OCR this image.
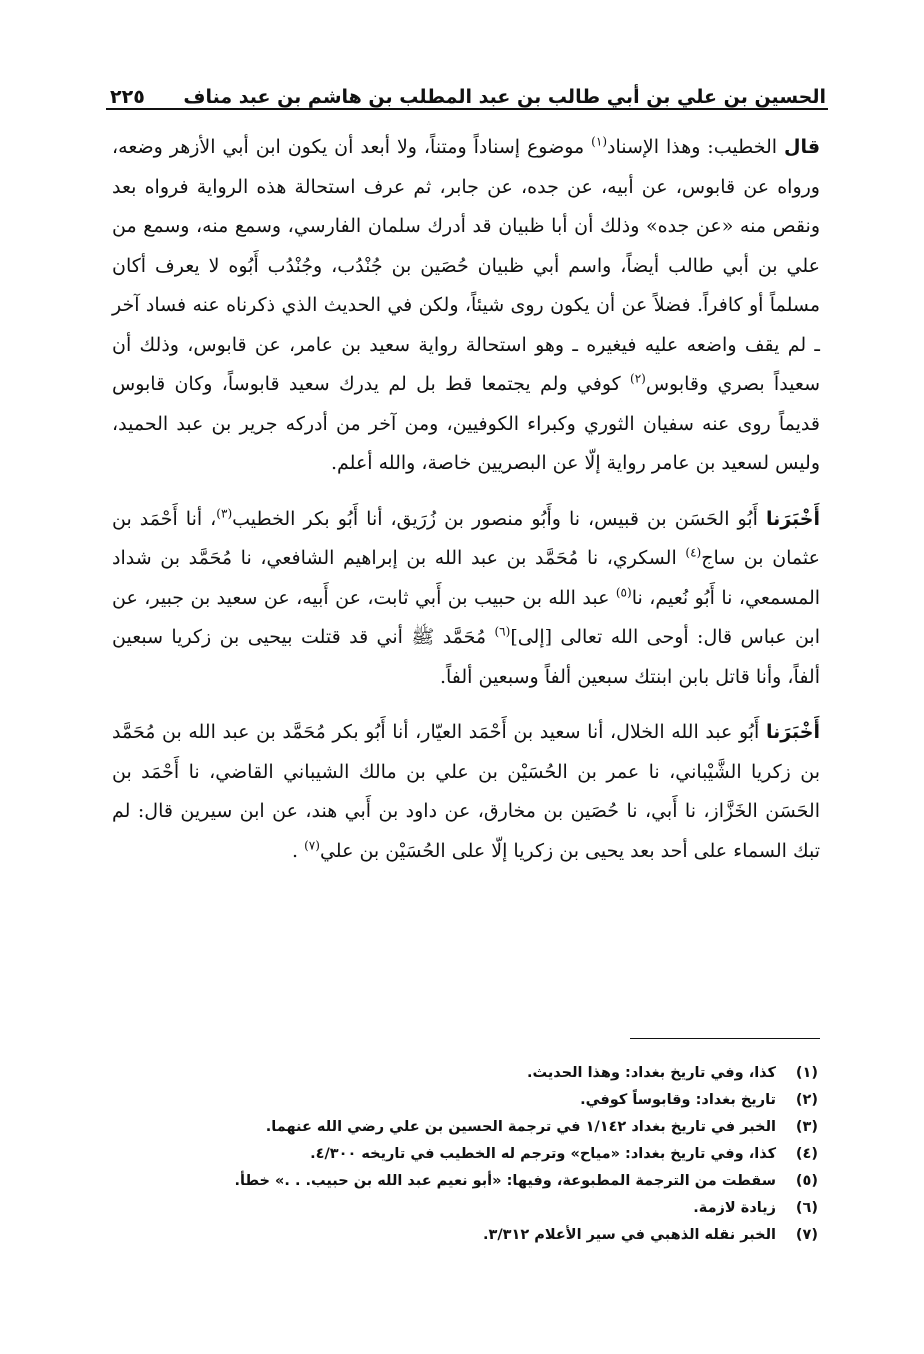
الحسين بن علي بن أبي طالب بن عبد المطلب بن هاشم بن عبد مناف
٢٢٥

قال الخطيب: وهذا الإسناد$^{(١)}$ موضوع إسناداً ومتناً، ولا أبعد أن يكون ابن أبي الأزهر وضعه، ورواه عن قابوس، عن أبيه، عن جده، عن جابر، ثم عرف استحالة هذه الرواية فرواه بعد ونقص منه «عن جده» وذلك أن أبا ظبيان قد أدرك سلمان الفارسي، وسمع منه، وسمع من علي بن أبي طالب أيضاً، واسم أبي ظبيان حُصَين بن جُنْدُب، وجُنْدُب أَبُوه لا يعرف أكان مسلماً أو كافراً. فضلاً عن أن يكون روى شيئاً، ولكن في الحديث الذي ذكرناه عنه فساد آخر ـ لم يقف واضعه عليه فيغيره ـ وهو استحالة رواية سعيد بن عامر، عن قابوس، وذلك أن سعيداً بصري وقابوس$^{(٢)}$ كوفي ولم يجتمعا قط بل لم يدرك سعيد قابوساً، وكان قابوس قديماً روى عنه سفيان الثوري وكبراء الكوفيين، ومن آخر من أدركه جرير بن عبد الحميد، وليس لسعيد بن عامر رواية إلّا عن البصريين خاصة، والله أعلم.

أَخْبَرَنا أَبُو الحَسَن بن قبيس، نا وأَبُو منصور بن زُرَيق، أنا أَبُو بكر الخطيب$^{(٣)}$، أنا أَحْمَد بن عثمان بن ساج$^{(٤)}$ السكري، نا مُحَمَّد بن عبد الله بن إبراهيم الشافعي، نا مُحَمَّد بن شداد المسمعي، نا أَبُو نُعيم، نا$^{(٥)}$ عبد الله بن حبيب بن أَبي ثابت، عن أَبيه، عن سعيد بن جبير، عن ابن عباس قال: أوحى الله تعالى [إلى]$^{(٦)}$ مُحَمَّد ﷺ أني قد قتلت بيحيى بن زكريا سبعين ألفاً، وأنا قاتل بابن ابنتك سبعين ألفاً وسبعين ألفاً.

أَخْبَرَنا أَبُو عبد الله الخلال، أنا سعيد بن أَحْمَد العيّار، أنا أَبُو بكر مُحَمَّد بن عبد الله بن مُحَمَّد بن زكريا الشَّيْباني، نا عمر بن الحُسَيْن بن علي بن مالك الشيباني القاضي، نا أَحْمَد بن الحَسَن الخَزَّاز، نا أَبي، نا حُصَين بن مخارق، عن داود بن أَبي هند، عن ابن سيرين قال: لم تبك السماء على أحد بعد يحيى بن زكريا إلّا على الحُسَيْن بن علي$^{(٧)}$ .

(١)
كذا، وفي تاريخ بغداد: وهذا الحديث.
(٢)
تاريخ بغداد: وقابوساً كوفي.
(٣)
الخبر في تاريخ بغداد ١/١٤٢ في ترجمة الحسين بن علي رضي الله عنهما.
(٤)
كذا، وفي تاريخ بغداد: «مياح» وترجم له الخطيب في تاريخه ٤/٣٠٠.
(٥)
سقطت من الترجمة المطبوعة، وفيها: «أبو نعيم عبد الله بن حبيب. . .» خطأ.
(٦)
زيادة لازمة.
(٧)
الخبر نقله الذهبي في سير الأعلام ٣/٣١٢.
